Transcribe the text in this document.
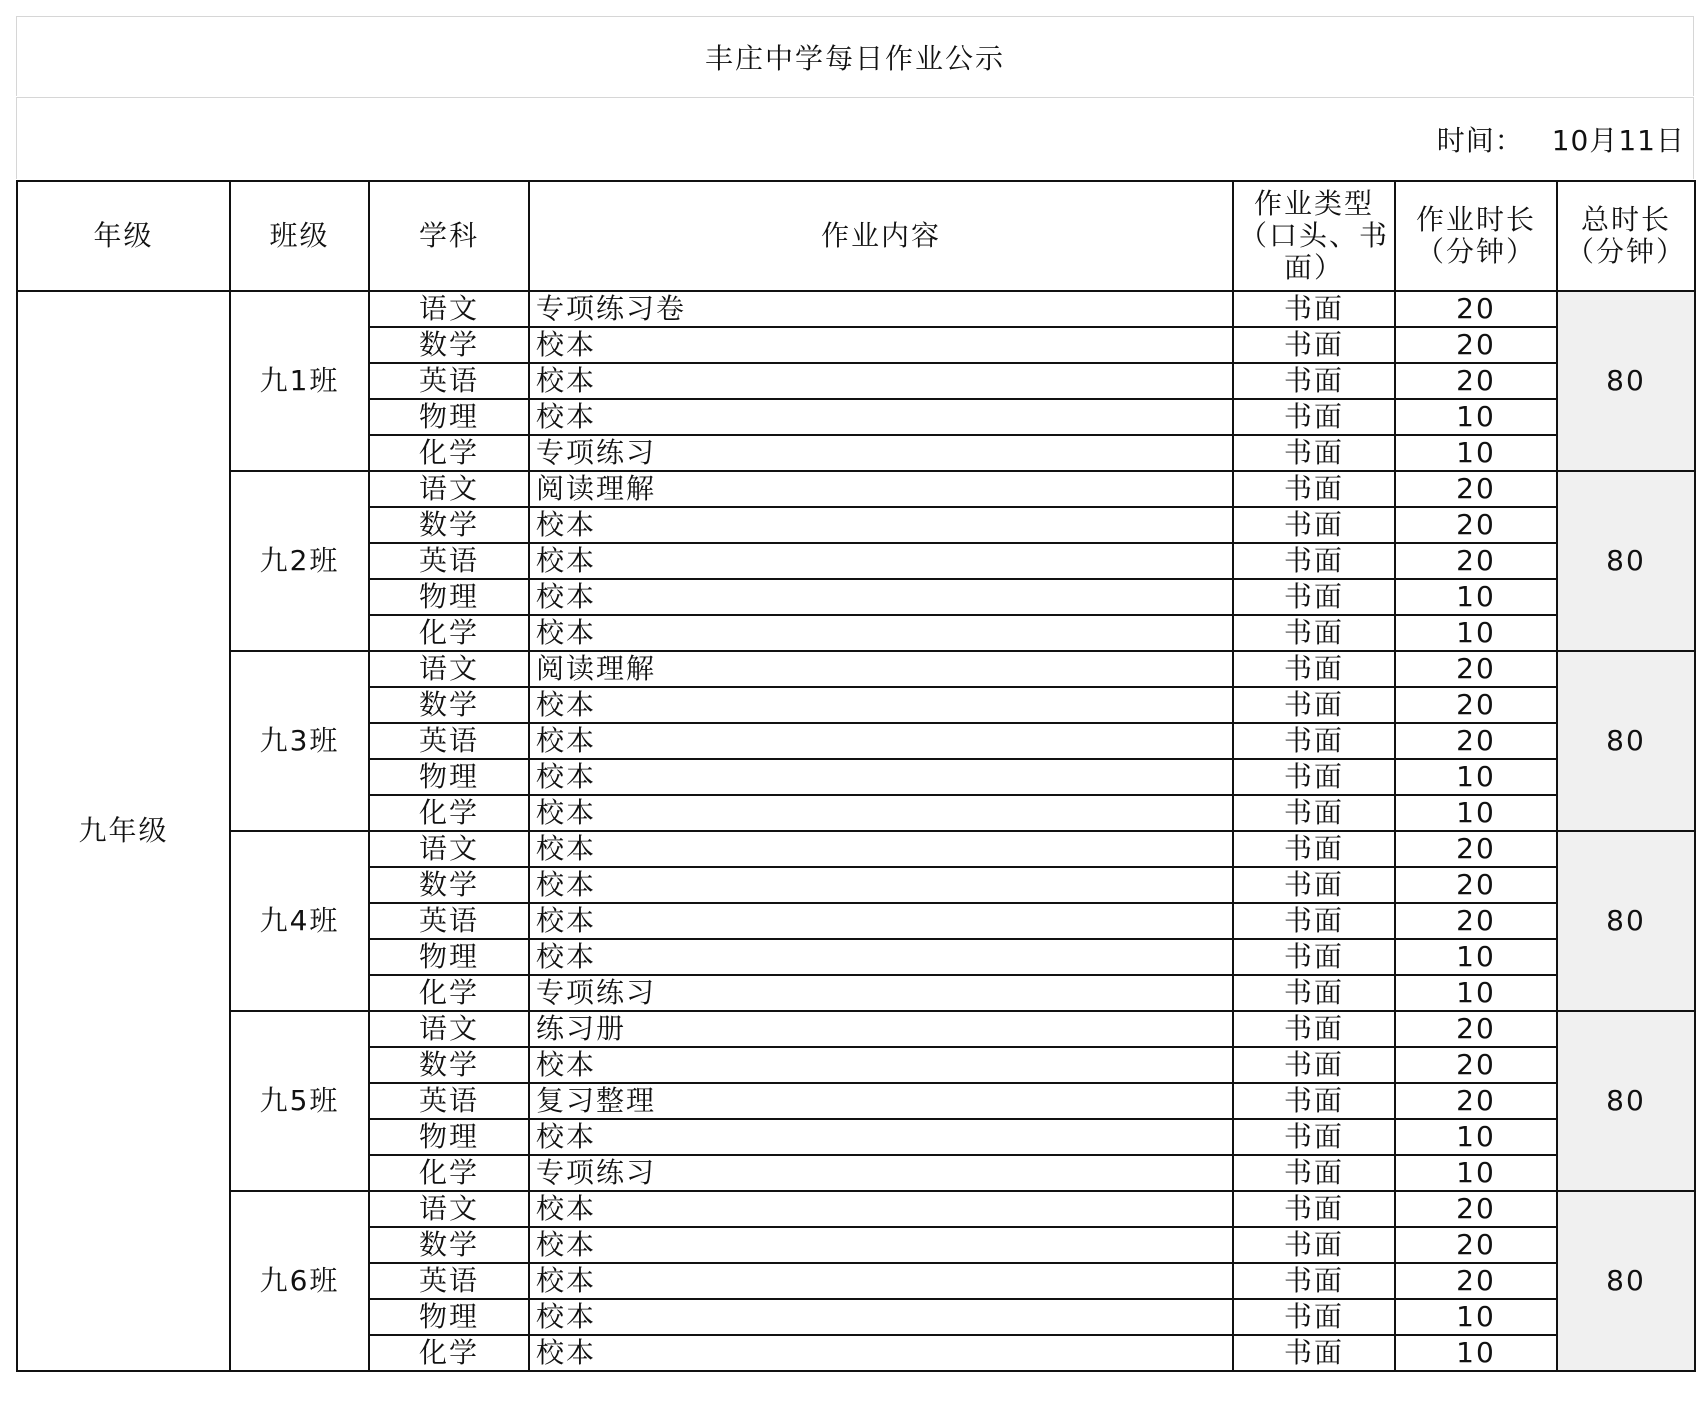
丰庄中学每日作业公示
时间： 10月11日
年级	班级	学科	作业内容	作业类型（口头、书面）	作业时长（分钟）	总时长（分钟）
九年级	九1班	语文	专项练习卷	书面	20	80
		数学	校本	书面	20	
		英语	校本	书面	20	
		物理	校本	书面	10	
		化学	专项练习	书面	10	
	九2班	语文	阅读理解	书面	20	80
		数学	校本	书面	20	
		英语	校本	书面	20	
		物理	校本	书面	10	
		化学	校本	书面	10	
	九3班	语文	阅读理解	书面	20	80
		数学	校本	书面	20	
		英语	校本	书面	20	
		物理	校本	书面	10	
		化学	校本	书面	10	
	九4班	语文	校本	书面	20	80
		数学	校本	书面	20	
		英语	校本	书面	20	
		物理	校本	书面	10	
		化学	专项练习	书面	10	
	九5班	语文	练习册	书面	20	80
		数学	校本	书面	20	
		英语	复习整理	书面	20	
		物理	校本	书面	10	
		化学	专项练习	书面	10	
	九6班	语文	校本	书面	20	80
		数学	校本	书面	20	
		英语	校本	书面	20	
		物理	校本	书面	10	
		化学	校本	书面	10	
